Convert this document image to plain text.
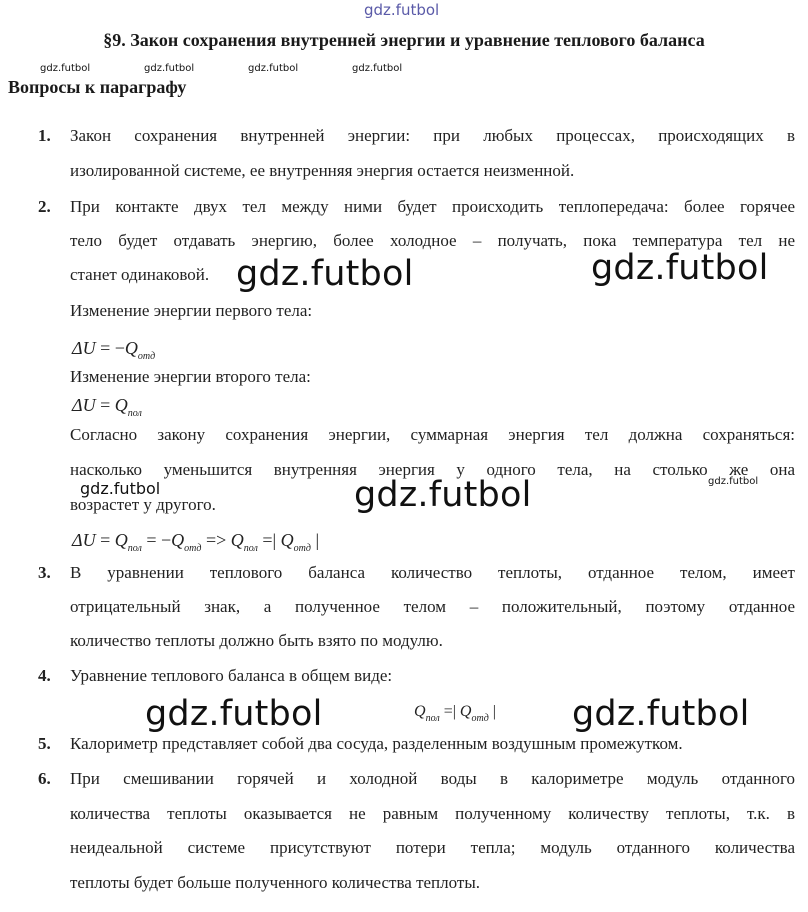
gdz.futbol
§9. Закон сохранения внутренней энергии и уравнение теплового баланса
gdz.futbol	gdz.futbol	gdz.futbol	gdz.futbol
Вопросы к параграфу
1. Закон сохранения внутренней энергии: при любых процессах, происходящих в
изолированной системе, ее внутренняя энергия остается неизменной.
2. При контакте двух тел между ними будет происходить теплопередача: более горячее
тело будет отдавать энергию, более холодное – получать, пока температура тел не
станет одинаковой.
Изменение энергии первого тела:
$\Delta U = -Q_{отд}$
Изменение энергии второго тела:
$\Delta U = Q_{пол}$
Согласно закону сохранения энергии, суммарная энергия тел должна сохраняться:
насколько уменьшится внутренняя энергия у одного тела, на столько же она
возрастет у другого.
$\Delta U = Q_{пол} = -Q_{отд} => Q_{пол}$ =| $Q_{отд}$ |
3. В уравнении теплового баланса количество теплоты, отданное телом, имеет
отрицательный знак, а полученное телом – положительный, поэтому отданное
количество теплоты должно быть взято по модулю.
4. Уравнение теплового баланса в общем виде:
$Q_{пол}$ =| $Q_{отд}$ |
5. Калориметр представляет собой два сосуда, разделенным воздушным промежутком.
6. При смешивании горячей и холодной воды в калориметре модуль отданного
количества теплоты оказывается не равным полученному количеству теплоты, т.к. в
неидеальной системе присутствуют потери тепла; модуль отданного количества
теплоты будет больше полученного количества теплоты.
gdz.futbol	gdz.futbol
gdz.futbol	gdz.futbol	gdz.futbol
gdz.futbol	gdz.futbol
